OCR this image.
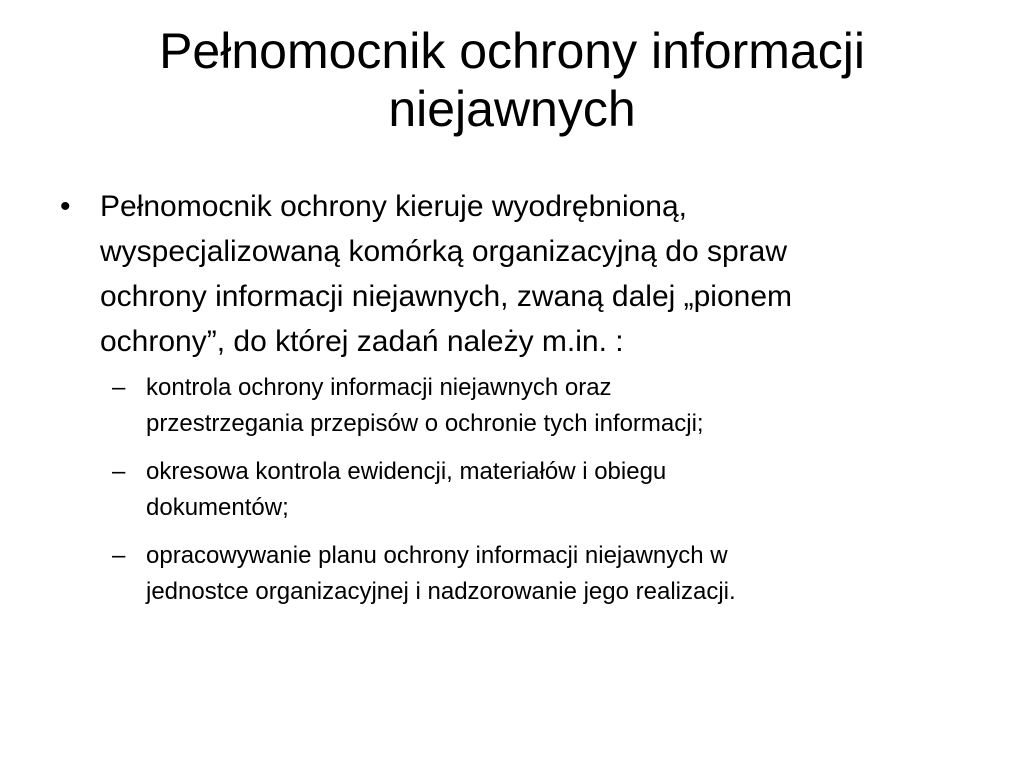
Pełnomocnik ochrony informacji
niejawnych
• Pełnomocnik ochrony kieruje wyodrębnioną,
wyspecjalizowaną komórką organizacyjną do spraw
ochrony informacji niejawnych, zwaną dalej „pionem
ochrony”, do której zadań należy m.in. :
– kontrola ochrony informacji niejawnych oraz
przestrzegania przepisów o ochronie tych informacji;
– okresowa kontrola ewidencji, materiałów i obiegu
dokumentów;
– opracowywanie planu ochrony informacji niejawnych w
jednostce organizacyjnej i nadzorowanie jego realizacji.
